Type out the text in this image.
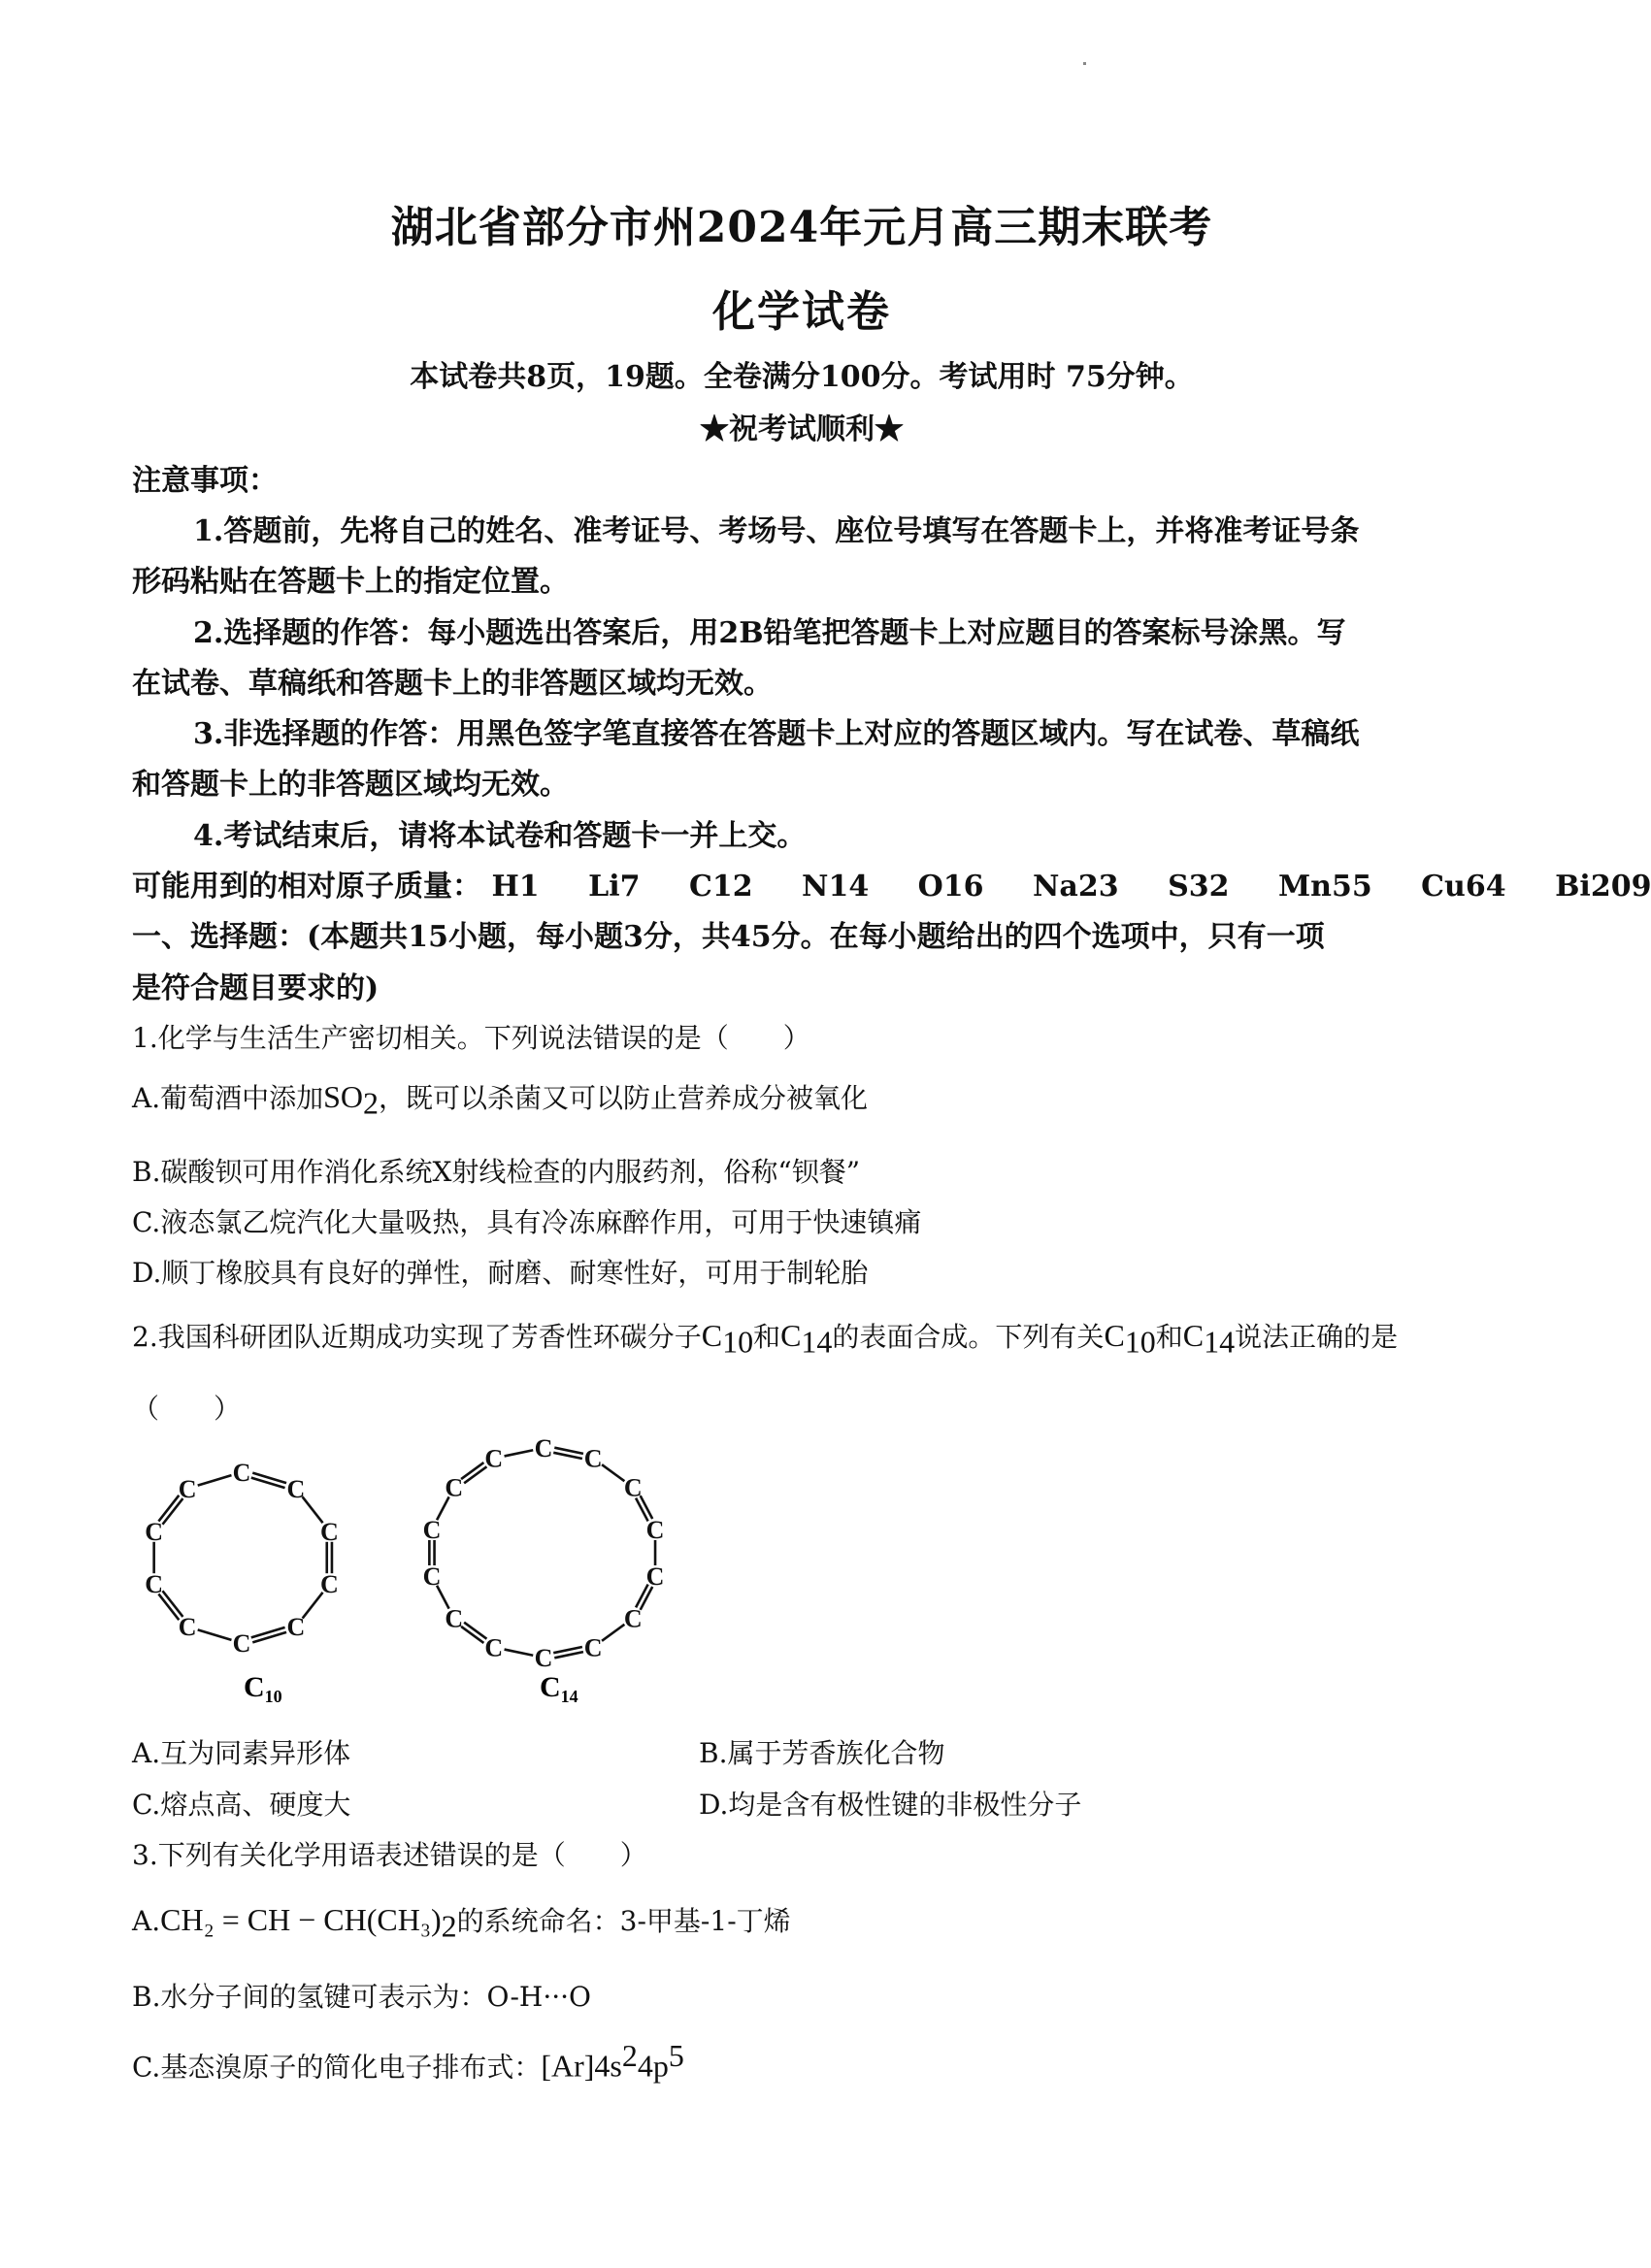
湖北省部分市州2024年元月高三期末联考
化学试卷
本试卷共8页，19题。全卷满分100分。考试用时 75分钟。
★祝考试顺利★
注意事项：
1.答题前，先将自己的姓名、准考证号、考场号、座位号填写在答题卡上，并将准考证号条
形码粘贴在答题卡上的指定位置。
2.选择题的作答：每小题选出答案后，用2B铅笔把答题卡上对应题目的答案标号涂黑。写
在试卷、草稿纸和答题卡上的非答题区域均无效。
3.非选择题的作答：用黑色签字笔直接答在答题卡上对应的答题区域内。写在试卷、草稿纸
和答题卡上的非答题区域均无效。
4.考试结束后，请将本试卷和答题卡一并上交。
可能用到的相对原子质量： H1 Li7 C12 N14 O16 Na23 S32 Mn55 Cu64 Bi209
一、选择题：(本题共15小题，每小题3分，共45分。在每小题给出的四个选项中，只有一项
是符合题目要求的)
1.化学与生活生产密切相关。下列说法错误的是（　　）
A.葡萄酒中添加$SO_2$，既可以杀菌又可以防止营养成分被氧化
B.碳酸钡可用作消化系统X射线检查的内服药剂，俗称“钡餐”
C.液态氯乙烷汽化大量吸热，具有冷冻麻醉作用，可用于快速镇痛
D.顺丁橡胶具有良好的弹性，耐磨、耐寒性好，可用于制轮胎
2.我国科研团队近期成功实现了芳香性环碳分子$C_{10}$和$C_{14}$的表面合成。下列有关$C_{10}$和$C_{14}$说法正确的是
（　　）
C
C
C
C
C
C
C
C
C
C
C C
C
C
C
C
C
C
C
C
C
C
C
C
$C_{10}$	$C_{14}$
A.互为同素异形体	B.属于芳香族化合物
C.熔点高、硬度大	D.均是含有极性键的非极性分子
3.下列有关化学用语表述错误的是（　　）
A.CH₂ = CH − $CH(CH_3)_2$的系统命名：3-甲基-1-丁烯
B.水分子间的氢键可表示为：O-H···O
C.基态溴原子的简化电子排布式：$[Ar]4s^24p^5$
